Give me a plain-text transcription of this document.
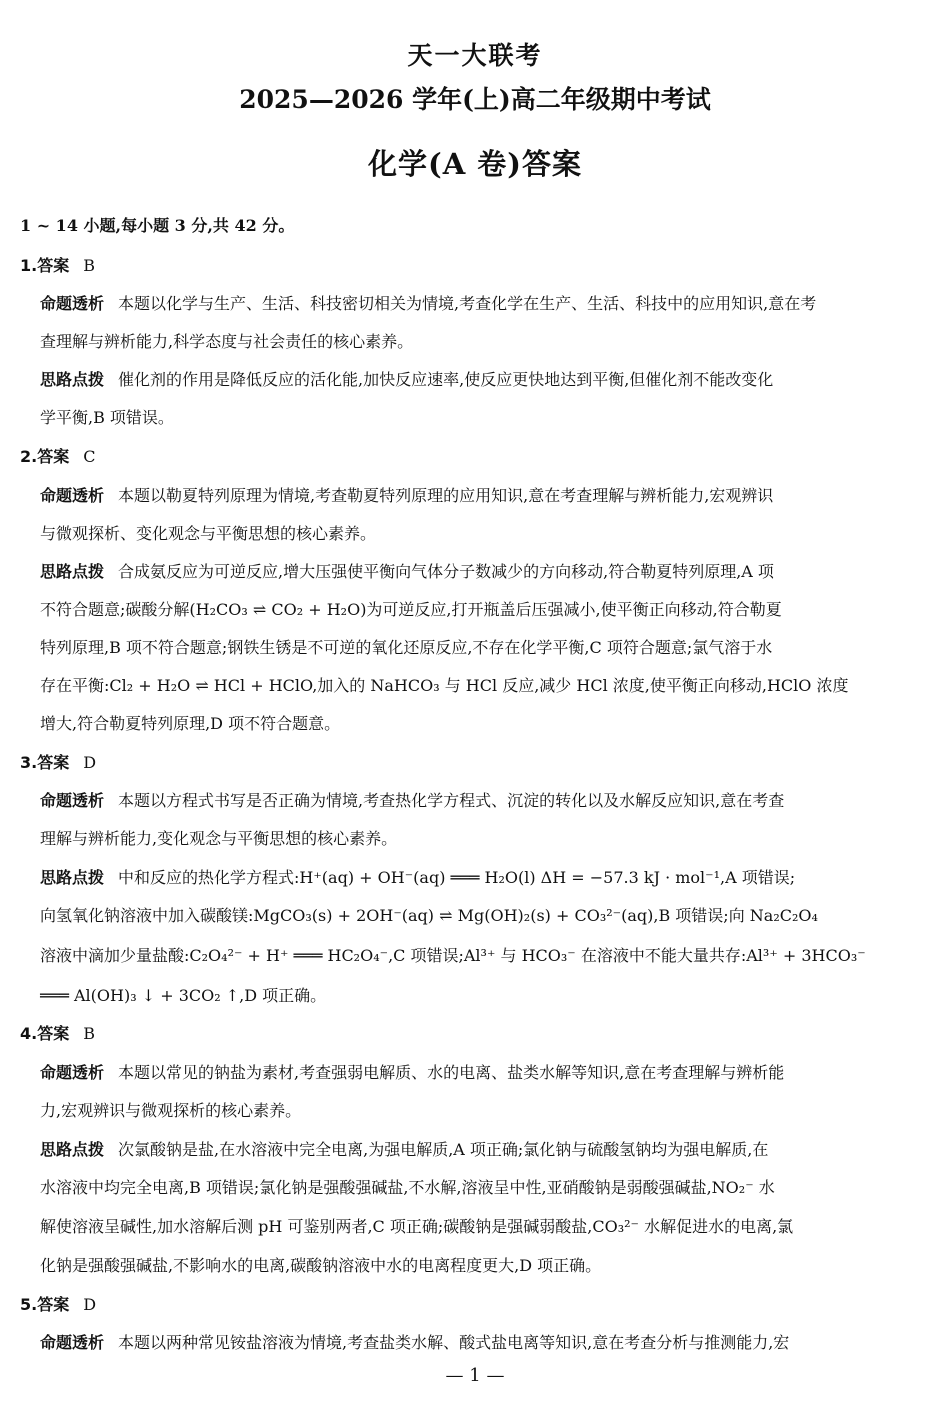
天一大联考
2025—2026 学年(上)高二年级期中考试
化学(A 卷)答案
1 ~ 14 小题,每小题 3 分,共 42 分。
1.答案 B
命题透析 本题以化学与生产、生活、科技密切相关为情境,考查化学在生产、生活、科技中的应用知识,意在考
查理解与辨析能力,科学态度与社会责任的核心素养。
思路点拨 催化剂的作用是降低反应的活化能,加快反应速率,使反应更快地达到平衡,但催化剂不能改变化
学平衡,B 项错误。
2.答案 C
命题透析 本题以勒夏特列原理为情境,考查勒夏特列原理的应用知识,意在考查理解与辨析能力,宏观辨识
与微观探析、变化观念与平衡思想的核心素养。
思路点拨 合成氨反应为可逆反应,增大压强使平衡向气体分子数减少的方向移动,符合勒夏特列原理,A 项
不符合题意;碳酸分解(H₂CO₃ ⇌ CO₂ + H₂O)为可逆反应,打开瓶盖后压强减小,使平衡正向移动,符合勒夏
特列原理,B 项不符合题意;钢铁生锈是不可逆的氧化还原反应,不存在化学平衡,C 项符合题意;氯气溶于水
存在平衡:Cl₂ + H₂O ⇌ HCl + HClO,加入的 NaHCO₃ 与 HCl 反应,减少 HCl 浓度,使平衡正向移动,HClO 浓度
增大,符合勒夏特列原理,D 项不符合题意。
3.答案 D
命题透析 本题以方程式书写是否正确为情境,考查热化学方程式、沉淀的转化以及水解反应知识,意在考查
理解与辨析能力,变化观念与平衡思想的核心素养。
思路点拨 中和反应的热化学方程式:H⁺(aq) + OH⁻(aq) ═══ H₂O(l) ΔH = −57.3 kJ · mol⁻¹,A 项错误;
向氢氧化钠溶液中加入碳酸镁:MgCO₃(s) + 2OH⁻(aq) ⇌ Mg(OH)₂(s) + CO₃²⁻(aq),B 项错误;向 Na₂C₂O₄
溶液中滴加少量盐酸:C₂O₄²⁻ + H⁺ ═══ HC₂O₄⁻,C 项错误;Al³⁺ 与 HCO₃⁻ 在溶液中不能大量共存:Al³⁺ + 3HCO₃⁻
═══ Al(OH)₃ ↓ + 3CO₂ ↑,D 项正确。
4.答案 B
命题透析 本题以常见的钠盐为素材,考查强弱电解质、水的电离、盐类水解等知识,意在考查理解与辨析能
力,宏观辨识与微观探析的核心素养。
思路点拨 次氯酸钠是盐,在水溶液中完全电离,为强电解质,A 项正确;氯化钠与硫酸氢钠均为强电解质,在
水溶液中均完全电离,B 项错误;氯化钠是强酸强碱盐,不水解,溶液呈中性,亚硝酸钠是弱酸强碱盐,NO₂⁻ 水
解使溶液呈碱性,加水溶解后测 pH 可鉴别两者,C 项正确;碳酸钠是强碱弱酸盐,CO₃²⁻ 水解促进水的电离,氯
化钠是强酸强碱盐,不影响水的电离,碳酸钠溶液中水的电离程度更大,D 项正确。
5.答案 D
命题透析 本题以两种常见铵盐溶液为情境,考查盐类水解、酸式盐电离等知识,意在考查分析与推测能力,宏
— 1 —
